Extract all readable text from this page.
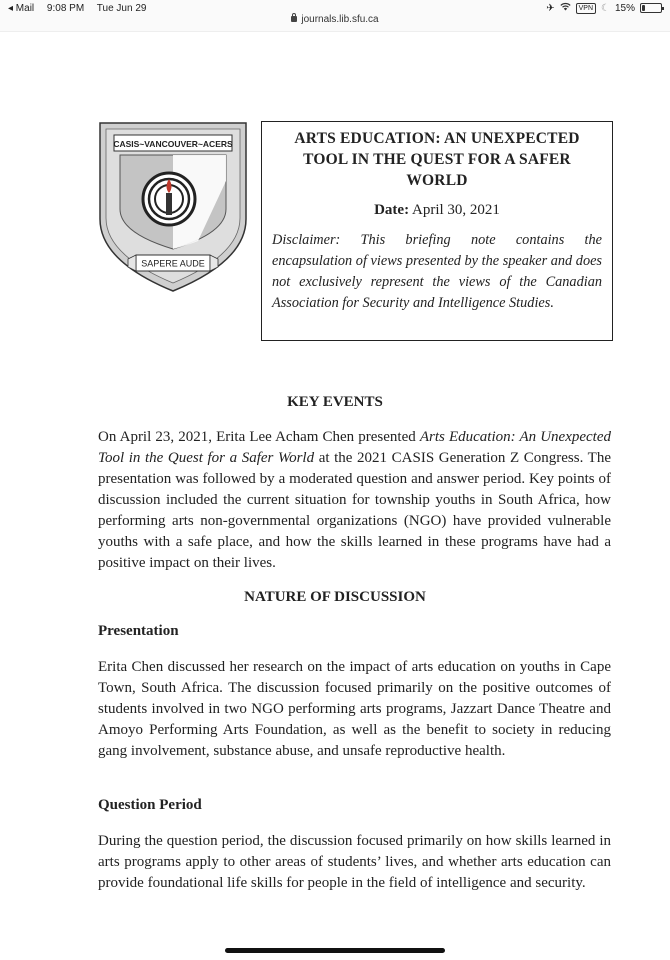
◂ Mail 9:08 PM Tue Jun 29	✈	VPN ☾ 15%
journals.lib.sfu.ca
CASIS~VANCOUVER~ACERS
SAPERE AUDE
ARTS EDUCATION: AN UNEXPECTED TOOL IN THE QUEST FOR A SAFER WORLD
Date: April 30, 2021
Disclaimer: This briefing note contains the encapsulation of views presented by the speaker and does not exclusively represent the views of the Canadian Association for Security and Intelligence Studies.
KEY EVENTS
On April 23, 2021, Erita Lee Acham Chen presented Arts Education: An Unexpected Tool in the Quest for a Safer World at the 2021 CASIS Generation Z Congress. The presentation was followed by a moderated question and answer period. Key points of discussion included the current situation for township youths in South Africa, how performing arts non-governmental organizations (NGO) have provided vulnerable youths with a safe place, and how the skills learned in these programs have had a positive impact on their lives.
NATURE OF DISCUSSION
Presentation
Erita Chen discussed her research on the impact of arts education on youths in Cape Town, South Africa. The discussion focused primarily on the positive outcomes of students involved in two NGO performing arts programs, Jazzart Dance Theatre and Amoyo Performing Arts Foundation, as well as the benefit to society in reducing gang involvement, substance abuse, and unsafe reproductive health.
Question Period
During the question period, the discussion focused primarily on how skills learned in arts programs apply to other areas of students’ lives, and whether arts education can provide foundational life skills for people in the field of intelligence and security.
